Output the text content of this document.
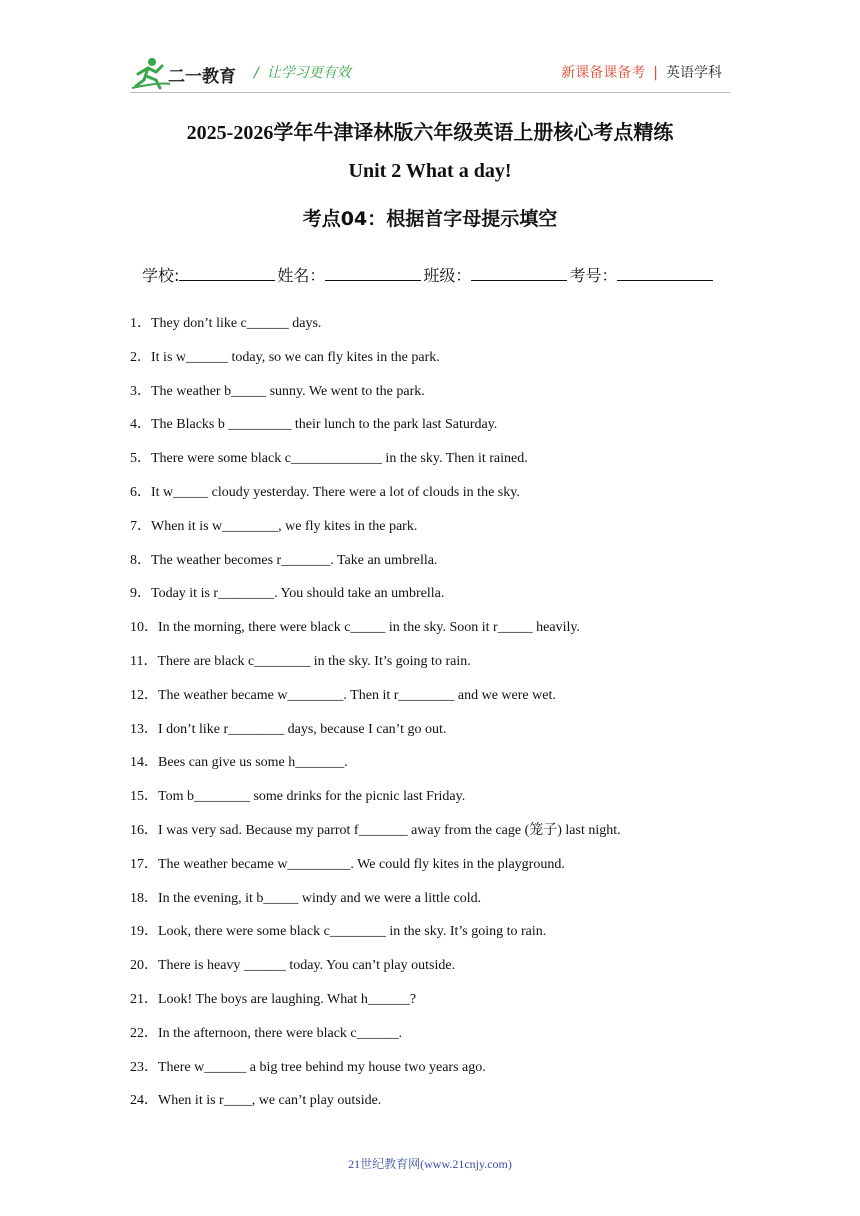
二一教育 / 让学习更有效	新课备课备考 | 英语学科
2025-2026学年牛津译林版六年级英语上册核心考点精练
Unit 2 What a day!
考点04：根据首字母提示填空
学校:	姓名：	班级：	考号：
1．They don’t like c______ days.
2．It is w______ today, so we can fly kites in the park.
3．The weather b_____ sunny. We went to the park.
4．The Blacks b _________ their lunch to the park last Saturday.
5．There were some black c_____________ in the sky. Then it rained.
6．It w_____ cloudy yesterday. There were a lot of clouds in the sky.
7．When it is w________, we fly kites in the park.
8．The weather becomes r_______. Take an umbrella.
9．Today it is r________. You should take an umbrella.
10．In the morning, there were black c_____ in the sky. Soon it r_____ heavily.
11．There are black c________ in the sky. It’s going to rain.
12．The weather became w________. Then it r________ and we were wet.
13．I don’t like r________ days, because I can’t go out.
14．Bees can give us some h_______.
15．Tom b________ some drinks for the picnic last Friday.
16．I was very sad. Because my parrot f_______ away from the cage (笼子) last night.
17．The weather became w_________. We could fly kites in the playground.
18．In the evening, it b_____ windy and we were a little cold.
19．Look, there were some black c________ in the sky. It’s going to rain.
20．There is heavy ______ today. You can’t play outside.
21．Look! The boys are laughing. What h______?
22．In the afternoon, there were black c______.
23．There w______ a big tree behind my house two years ago.
24．When it is r____, we can’t play outside.
21世纪教育网(www.21cnjy.com)
